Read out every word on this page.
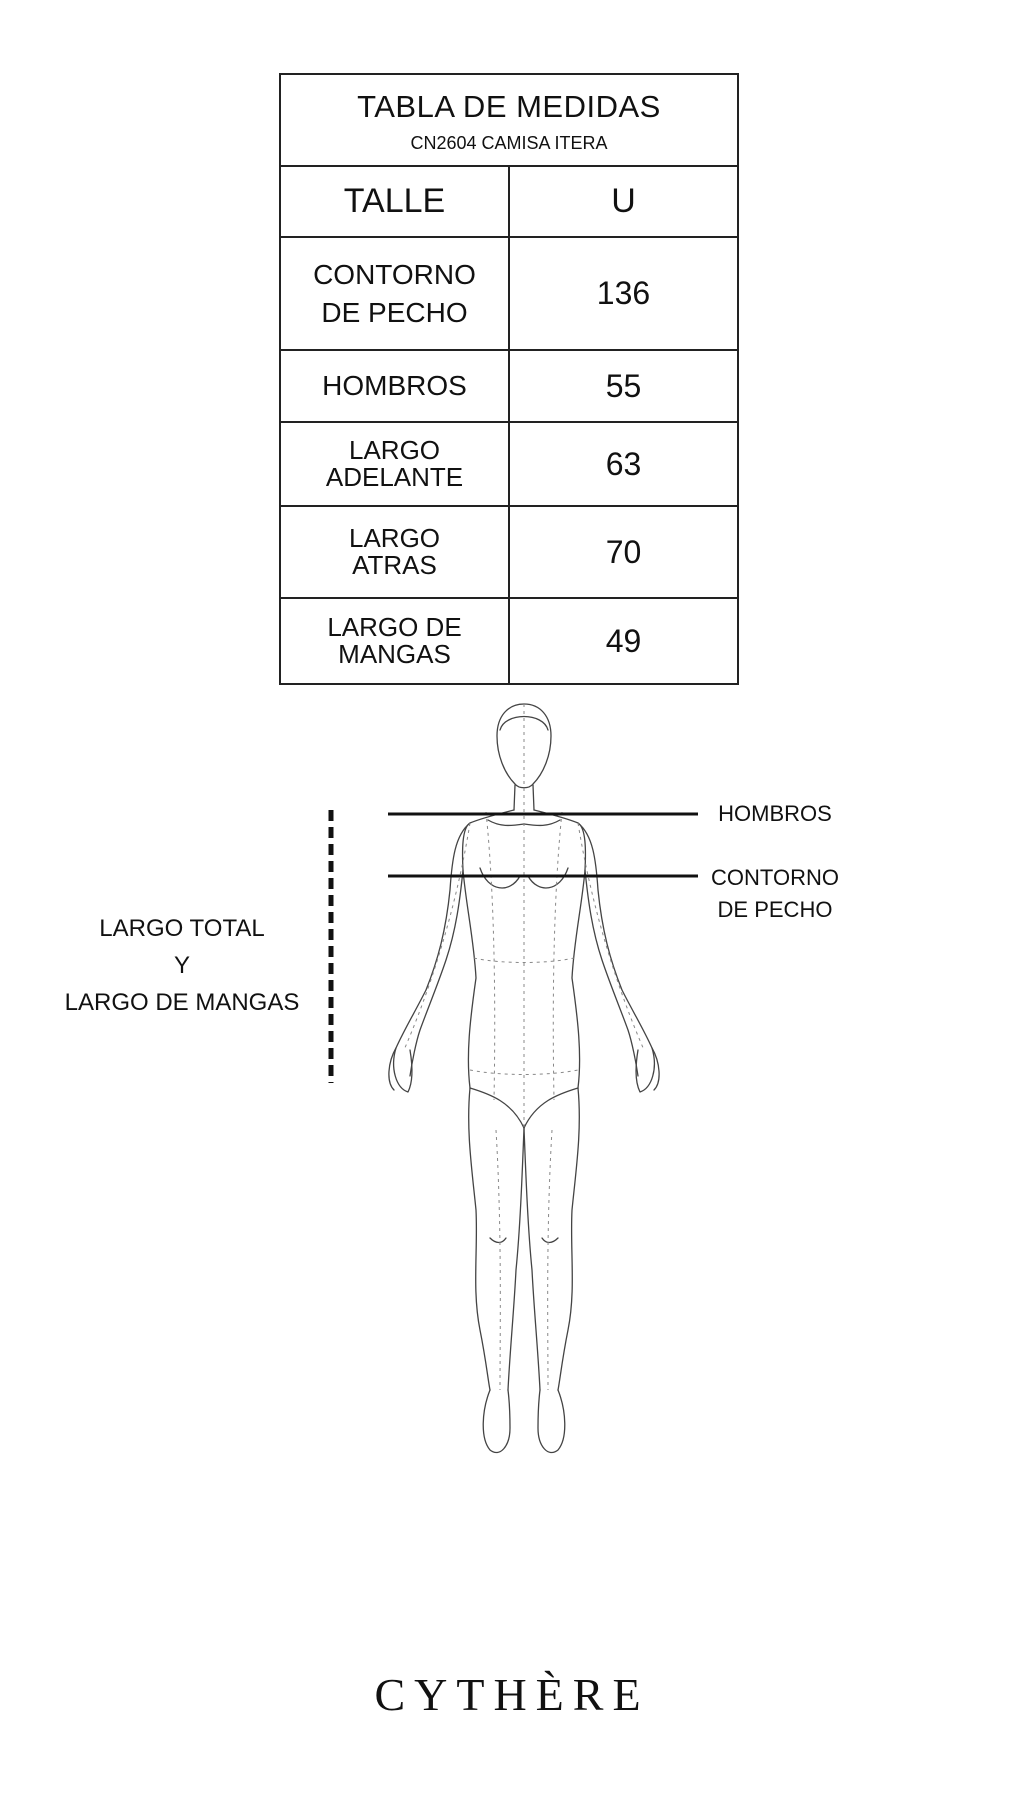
TABLA DE MEDIDAS
CN2604 CAMISA ITERA	

TALLE	U
CONTORNO
DE PECHO	136
HOMBROS	55
LARGO
ADELANTE	63
LARGO
ATRAS	70
LARGO DE
MANGAS	49
HOMBROS
CONTORNO
DE PECHO
LARGO TOTAL
Y
LARGO DE MANGAS
CYTHÈRE
